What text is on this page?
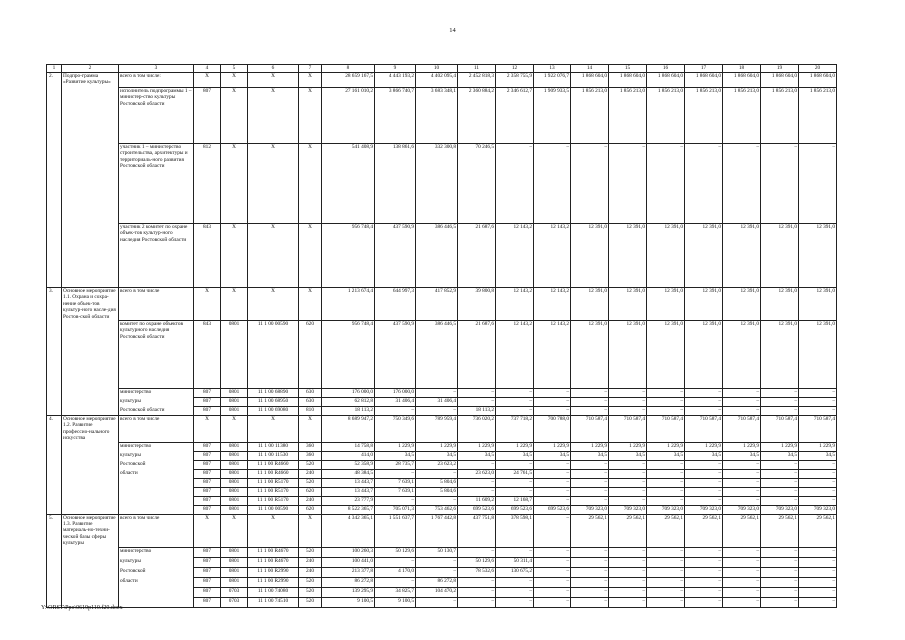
14
1	2	3	4	5	6	7	8	9	10	11	12	13	14	15	16	17	18	19	20
2.	Подпро-грамма «Развитие культуры»	всего в том числе:	Х	Х	Х	Х	28 659 167,5	4 443 193,2	4 402 095,4	2 452 818,3	2 358 755,9	1 922 076,7	1 868 604,0	1 868 604,0	1 868 604,0	1 868 604,0	1 868 604,0	1 868 604,0	1 868 604,0
		исполнитель подпрограммы 1 – министер-ство культуры Ростовской области	807	Х	Х	Х	27 161 010,2	3 866 740,7	3 683 348,1	2 360 884,2	2 346 612,7	1 909 933,5	1 856 213,0	1 856 213,0	1 856 213,0	1 856 213,0	1 856 213,0	1 856 213,0	1 856 213,0
		участник 1 – министерство строительства, архитектуры и территориаль-ного развития Ростовской области	812	Х	Х	Х	541 408,9	138 861,6	332 300,8	70 246,5	–	–	–	–	–	–	–	–	–
		участник 2 комитет по охране объек-тов культур-ного наследия Ростовской области	843	Х	Х	Х	956 748,4	437 590,9	386 446,5	21 687,6	12 143,2	12 143,2	12 391,0	12 391,0	12 391,0	12 391,0	12 391,0	12 391,0	12 391,0
3.	Основное мероприятие 1.1. Охрана и сохра-нение объек-тов культур-ного насле-дия Ростов-ской области	всего в том числе	Х	Х	Х	Х	1 213 674,4	644 997,3	417 852,9	39 800,8	12 143,2	12 143,2	12 391,0	12 391,0	12 391,0	12 391,0	12 391,0	12 391,0	12 391,0
		комитет по охране объектов культурного наследия Ростовской области	843	0801	11 1 00 00590	620	956 748,4	437 590,9	386 446,5	21 687,6	12 143,2	12 143,2	12 391,0	12 391,0	12 391,0	12 391,0	12 391,0	12 391,0	12 391,0
		министерство	807	0801	11 1 00 68890	630	176 000,0	176 000,0	–	–	–	–	–	–	–	–	–	–	–
		культуры	807	0801	11 1 00 68950	630	62 812,8	31 406,4	31 406,4	–	–	–	–	–	–	–	–	–	–
		Ростовской области	807	0801	11 1 00 69080	810	18 113,2	–	–	18 113,2	–	–	–	–	–	–	–	–	–
4.	Основное мероприятие 1.2. Развитие профессио-нального искусства	всего в том числе	Х	Х	Х	Х	8 689 947,2	750 349,6	789 959,4	736 020,2	737 718,2	700 788,0	710 587,4	710 587,4	710 587,4	710 587,4	710 587,4	710 587,4	710 587,4
		министерство	807	0801	11 1 00 11380	360	14 758,8	1 229,9	1 229,9	1 229,9	1 229,9	1 229,9	1 229,9	1 229,9	1 229,9	1 229,9	1 229,9	1 229,9	1 229,9
		культуры	807	0801	11 1 00 11530	360	414,0	34,5	34,5	34,5	34,5	34,5	34,5	34,5	34,5	34,5	34,5	34,5	34,5
		Ростовской	807	0801	11 1 00 R4660	520	52 358,9	28 735,7	23 623,2	–	–	–	–	–	–	–	–	–	–
		области	807	0801	11 1 00 R4660	240	48 384,5	–	–	23 623,0	24 761,5	–	–	–	–	–	–	–	–
			807	0801	11 1 00 R5170	520	13 443,7	7 639,1	5 804,6	–	–	–	–	–	–	–	–	–	–
			807	0801	11 1 00 R5170	620	13 443,7	7 639,1	5 804,6	–	–	–	–	–	–	–	–	–	–
			807	0801	11 1 00 R5170	240	23 777,9	–	–	11 609,2	12 168,7	–	–	–	–	–	–	–	–
			807	0801	11 1 00 00590	620	8 522 365,7	705 071,3	753 462,6	699 523,6	699 523,6	699 523,6	709 323,0	709 323,0	709 323,0	709 323,0	709 323,0	709 323,0	709 323,0
5.	Основное мероприятие 1.3. Развитие материаль-но-техни-ческой базы сферы культуры	всего в том числе	Х	Х	Х	Х	4 342 365,1	1 551 637,7	1 767 442,8	437 751,8	378 598,1	–	29 562,1	29 562,1	29 562,1	29 562,1	29 562,1	29 562,1	29 562,1
		министерство	807	0801	11 1 00 R4670	520	100 260,3	50 129,6	50 130,7	–	–	–	–	–	–	–	–	–	–
		культуры	807	0801	11 1 00 R4670	240	100 441,0	–	–	50 129,6	50 311,4	–	–	–	–	–	–	–	–
		Ростовской	807	0801	11 1 00 R2990	240	213 377,8	4 170,0	–	78 532,6	130 675,2	–	–	–	–	–	–	–	–
		области	807	0801	11 1 00 R2990	520	86 272,8	–	86 272,8	–	–	–	–	–	–	–	–	–	–
			807	0703	11 1 00 74080	520	139 295,9	34 825,7	104 470,2	–	–	–	–	–	–	–	–	–	–
			807	0703	11 1 00 74510	520	9 100,5	9 100,5	–	–	–	–	–	–	–	–	–	–	–
Y:\ORST\Ppo\0619p110.f20.docx
